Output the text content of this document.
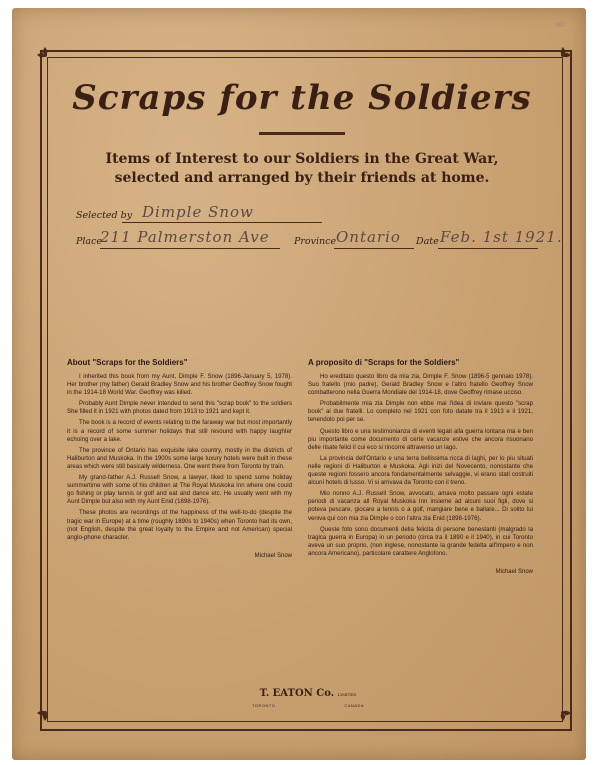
80
Scraps for the Soldiers
Items of Interest to our Soldiers in the Great War, selected and arranged by their friends at home.
Selected by Dimple Snow
Place
211 Palmerston Ave	Province Ontario Date Feb. 1st 1921.
About "Scraps for the Soldiers"

I inherited this book from my Aunt, Dimple F. Snow (1896-January 5, 1978). Her brother (my father) Gerald Bradley Snow and his brother Geoffrey Snow fought in the 1914-18 World War. Geoffrey was killed.

Probably Aunt Dimple never intended to send this "scrap book" to the soldiers She filled it in 1921 with photos dated from 1913 to 1921 and kept it.

The book is a record of events relating to the faraway war but most importantly it is a record of some summer holidays that still resound with happy laughter echoing over a lake.

The province of Ontario has exquisite lake country, mostly in the districts of Haliburton and Muskoka. In the 1900s some large luxury hotels were built in these areas which were still basically wilderness. One went there from Toronto by train.

My grand-father A.J. Russell Snow, a lawyer, liked to spend some holiday summertime with some of his children at The Royal Muskoka Inn where one could go fishing or play tennis or golf and eat and dance etc. He usually went with my Aunt Dimple but also with my Aunt Enid (1898-1976).

These photos are recordings of the happiness of the well-to-do (despite the tragic war in Europe) at a time (roughly 1890s to 1940s) when Toronto had its own, (not English, despite the great loyalty to the Empire and not American) special anglo-phone character.

Michael Snow

A proposito di "Scraps for the Soldiers"

Ho ereditato questo libro da mia zia, Dimple F. Snow (1896-5 gennaio 1978). Suo fratello (mio padre), Gerald Bradley Snow e l'altro fratello Geoffrey Snow combatterono nella Guerra Mondiale del 1914-18, dove Geoffrey rimase ucciso.

Probabilmente mia zia Dimple non ebbe mai l'idea di inviare questo "scrap book" ai due fratelli. Lo completo nel 1921 con foto datate tra il 1913 e il 1921, tenendolo poi per se.

Questo libro e una testimonianza di eventi legati alla guerra lontana ma e ben piu importante come documento di certe vacanze estive che ancora risuonano delle risate felici il cui eco si rincorre attraverso un lago.

La provincia dell'Ontario e una terra bellissima ricca di laghi, per lo piu situati nelle regioni di Haliburton e Muskoka. Agli inizi del Novecento, nonostante che queste regioni fossero ancora fondamentalmente selvaggie, vi erano stati costruiti alcuni hotels di lusso. Vi si arrivava da Toronto con il treno.

Mio nonno A.J. Russell Snow, avvocato, amava molto passare ogni estate periodi di vacanza all Royal Muskoka Inn insieme ad alcuni suoi figli, dove si poteva pescare, giocare a tennis o a golf, mangiare bene e ballare... Di solito lui veniva qui con mia zia Dimple o con l'altra zia Enid (1898-1976).

Queste foto sono documenti della felicita di persone benestanti (malgrado la tragica guerra in Europa) in un periodo (circa tra il 1890 e il 1940), in cui Toronto aveva un suo proprio, (non inglese, nonostante la grande fedelta all'Impero e non ancora Americano), particolare carattere Anglofono.

Michael Snow

T. EATON Co. LIMITED
TORONTO	CANADA
